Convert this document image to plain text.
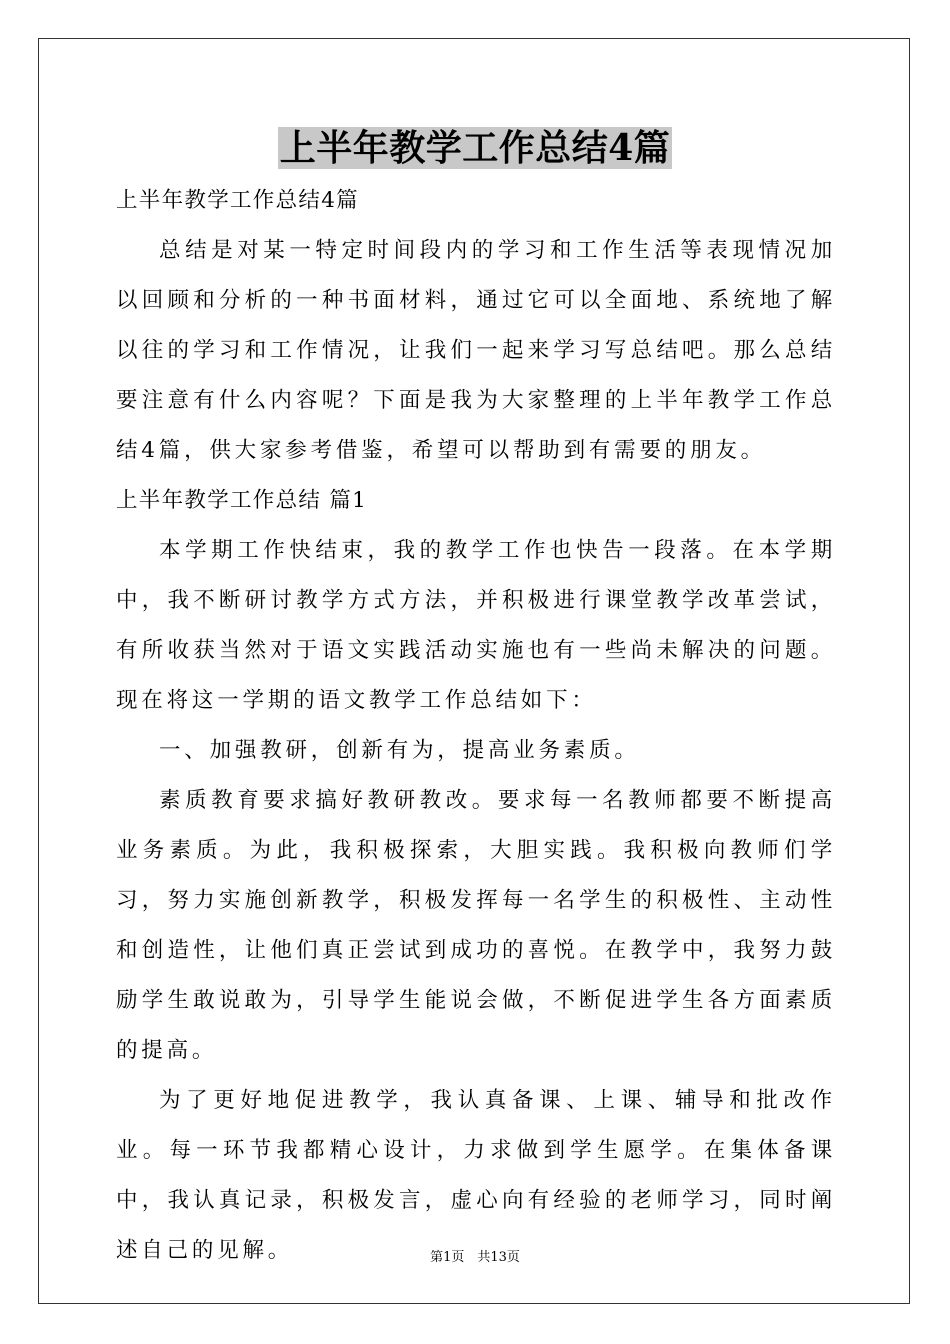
上半年教学工作总结4篇

上半年教学工作总结4篇

总结是对某一特定时间段内的学习和工作生活等表现情况加以回顾和分析的一种书面材料，通过它可以全面地、系统地了解以往的学习和工作情况，让我们一起来学习写总结吧。那么总结要注意有什么内容呢？下面是我为大家整理的上半年教学工作总结4篇，供大家参考借鉴，希望可以帮助到有需要的朋友。

上半年教学工作总结 篇1

本学期工作快结束，我的教学工作也快告一段落。在本学期中，我不断研讨教学方式方法，并积极进行课堂教学改革尝试，有所收获当然对于语文实践活动实施也有一些尚未解决的问题。现在将这一学期的语文教学工作总结如下：

一、加强教研，创新有为，提高业务素质。

素质教育要求搞好教研教改。要求每一名教师都要不断提高业务素质。为此，我积极探索，大胆实践。我积极向教师们学习，努力实施创新教学，积极发挥每一名学生的积极性、主动性和创造性，让他们真正尝试到成功的喜悦。在教学中，我努力鼓励学生敢说敢为，引导学生能说会做，不断促进学生各方面素质的提高。

为了更好地促进教学，我认真备课、上课、辅导和批改作业。每一环节我都精心设计，力求做到学生愿学。在集体备课中，我认真记录，积极发言，虚心向有经验的老师学习，同时阐述自己的见解。	第1页　共13页
